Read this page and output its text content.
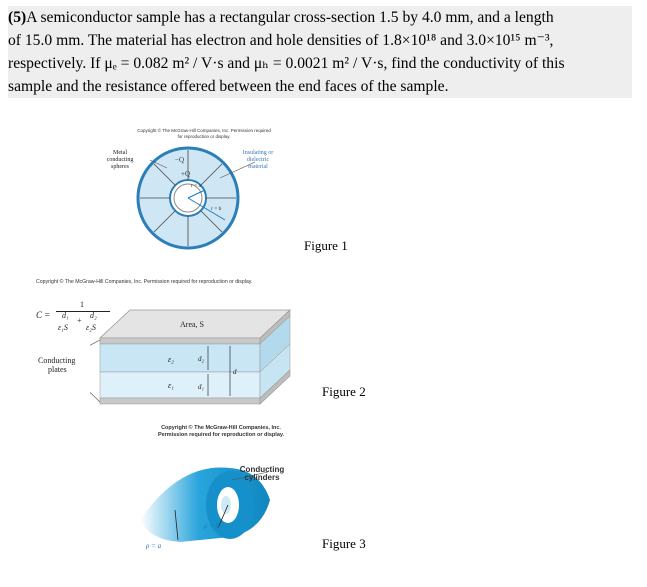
(5)A semiconductor sample has a rectangular cross-section 1.5 by 4.0 mm, and a length
of 15.0 mm. The material has electron and hole densities of 1.8×10¹⁸ and 3.0×10¹⁵ m⁻³,
respectively. If μₑ = 0.082 m² / V·s and μₕ = 0.0021 m² / V·s, find the conductivity of this
sample and the resistance offered between the end faces of the sample.
Copyright © The McGraw-Hill Companies, Inc. Permission required
for reproduction or display.
−Q
+Q
r = a
r = b
Metal
conducting
spheres
Insulating or
dielectric
material
Figure 1
Copyright © The McGraw-Hill Companies, Inc. Permission required for reproduction or display.
C =
1
d₁
+
d₂
ε₁S ε₂S	Area, S
ε₂
ε₁
d₂
d₁
d
Conducting
plates
Figure 2
Copyright © The McGraw-Hill Companies, Inc.
Permission required for reproduction or display.
ρ = b
ρ = a
Conducting
cylinders
Figure 3
